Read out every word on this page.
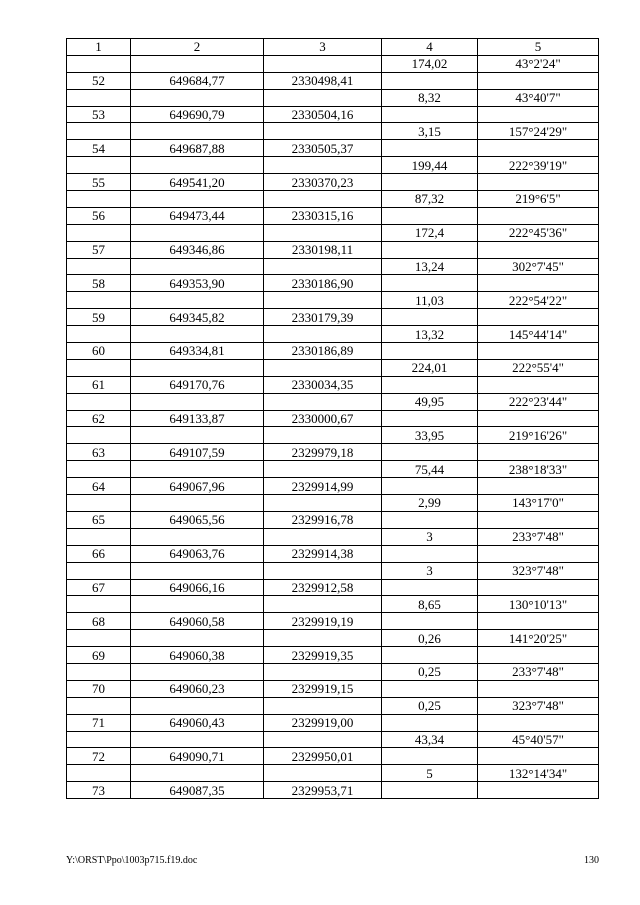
1	2	3	4	5
			174,02	43°2'24"
52	649684,77	2330498,41		
			8,32	43°40'7"
53	649690,79	2330504,16		
			3,15	157°24'29"
54	649687,88	2330505,37		
			199,44	222°39'19"
55	649541,20	2330370,23		
			87,32	219°6'5"
56	649473,44	2330315,16		
			172,4	222°45'36"
57	649346,86	2330198,11		
			13,24	302°7'45"
58	649353,90	2330186,90		
			11,03	222°54'22"
59	649345,82	2330179,39		
			13,32	145°44'14"
60	649334,81	2330186,89		
			224,01	222°55'4"
61	649170,76	2330034,35		
			49,95	222°23'44"
62	649133,87	2330000,67		
			33,95	219°16'26"
63	649107,59	2329979,18		
			75,44	238°18'33"
64	649067,96	2329914,99		
			2,99	143°17'0"
65	649065,56	2329916,78		
			3	233°7'48"
66	649063,76	2329914,38		
			3	323°7'48"
67	649066,16	2329912,58		
			8,65	130°10'13"
68	649060,58	2329919,19		
			0,26	141°20'25"
69	649060,38	2329919,35		
			0,25	233°7'48"
70	649060,23	2329919,15		
			0,25	323°7'48"
71	649060,43	2329919,00		
			43,34	45°40'57"
72	649090,71	2329950,01		
			5	132°14'34"
73	649087,35	2329953,71		
Y:\ORST\Ppo\1003p715.f19.doc	130
